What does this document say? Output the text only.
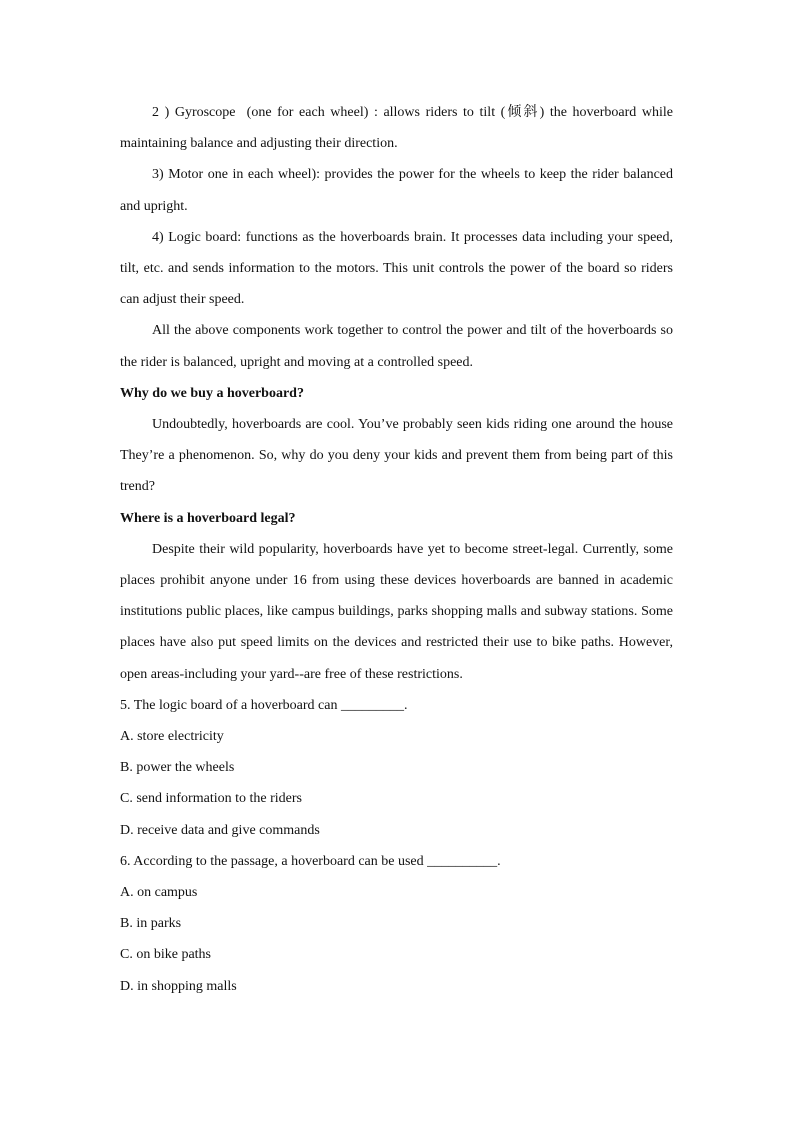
2 ) Gyroscope  (one for each wheel) : allows riders to tilt (倾斜) the hoverboard while maintaining balance and adjusting their direction.

3) Motor one in each wheel): provides the power for the wheels to keep the rider balanced and upright.

4) Logic board: functions as the hoverboards brain. It processes data including your speed, tilt, etc. and sends information to the motors. This unit controls the power of the board so riders can adjust their speed.

All the above components work together to control the power and tilt of the hoverboards so the rider is balanced, upright and moving at a controlled speed.

Why do we buy a hoverboard?

Undoubtedly, hoverboards are cool. You’ve probably seen kids riding one around the house They’re a phenomenon. So, why do you deny your kids and prevent them from being part of this trend?

Where is a hoverboard legal?

Despite their wild popularity, hoverboards have yet to become street-legal. Currently, some places prohibit anyone under 16 from using these devices hoverboards are banned in academic institutions public places, like campus buildings, parks shopping malls and subway stations. Some places have also put speed limits on the devices and restricted their use to bike paths. However, open areas-including your yard--are free of these restrictions.

5. The logic board of a hoverboard can _________.

A. store electricity

B. power the wheels

C. send information to the riders

D. receive data and give commands

6. According to the passage, a hoverboard can be used __________.

A. on campus

B. in parks

C. on bike paths

D. in shopping malls
